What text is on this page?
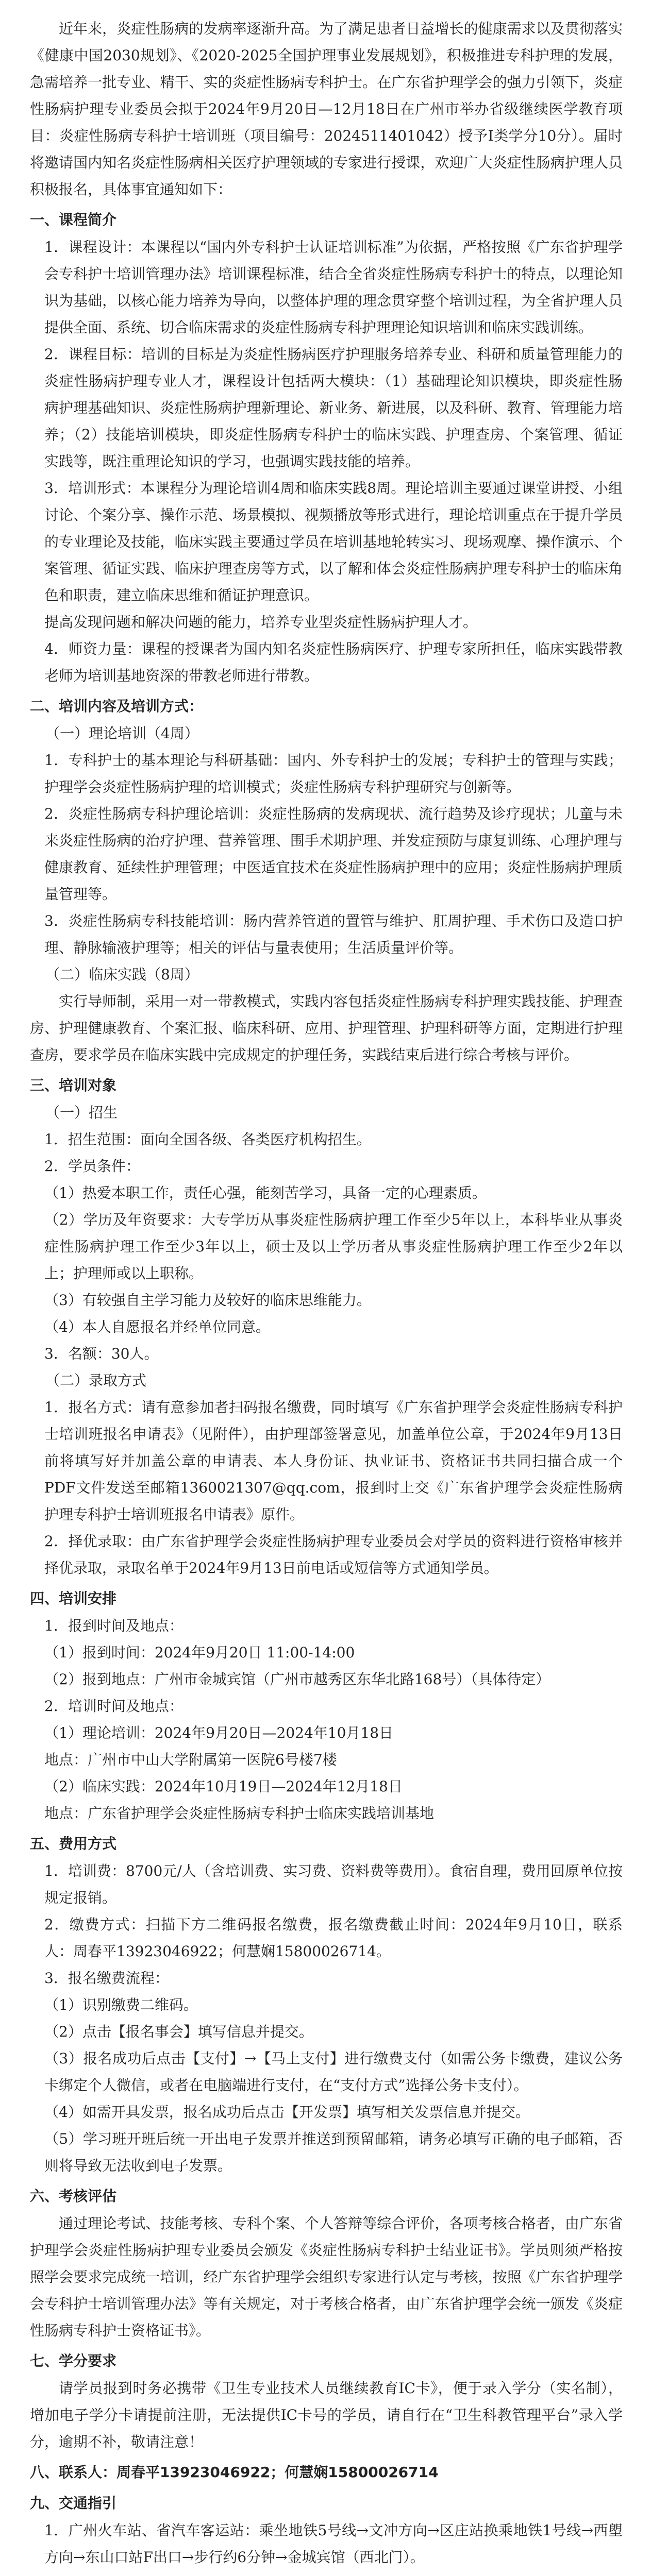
近年来，炎症性肠病的发病率逐渐升高。为了满足患者日益增长的健康需求以及贯彻落实《健康中国2030规划》、《2020-2025全国护理事业发展规划》，积极推进专科护理的发展，急需培养一批专业、精干、实的炎症性肠病专科护士。在广东省护理学会的强力引领下，炎症性肠病护理专业委员会拟于2024年9月20日—12月18日在广州市举办省级继续医学教育项目：炎症性肠病专科护士培训班（项目编号：2024511401042）授予Ⅰ类学分10分）。届时将邀请国内知名炎症性肠病相关医疗护理领域的专家进行授课，欢迎广大炎症性肠病护理人员积极报名，具体事宜通知如下：

一、课程简介

1．课程设计：本课程以“国内外专科护士认证培训标准”为依据，严格按照《广东省护理学会专科护士培训管理办法》培训课程标准，结合全省炎症性肠病专科护士的特点，以理论知识为基础，以核心能力培养为导向，以整体护理的理念贯穿整个培训过程，为全省护理人员提供全面、系统、切合临床需求的炎症性肠病专科护理理论知识培训和临床实践训练。

2．课程目标：培训的目标是为炎症性肠病医疗护理服务培养专业、科研和质量管理能力的炎症性肠病护理专业人才，课程设计包括两大模块：（1）基础理论知识模块，即炎症性肠病护理基础知识、炎症性肠病护理新理论、新业务、新进展，以及科研、教育、管理能力培养；（2）技能培训模块，即炎症性肠病专科护士的临床实践、护理查房、个案管理、循证实践等，既注重理论知识的学习，也强调实践技能的培养。

3．培训形式：本课程分为理论培训4周和临床实践8周。理论培训主要通过课堂讲授、小组讨论、个案分享、操作示范、场景模拟、视频播放等形式进行，理论培训重点在于提升学员的专业理论及技能，临床实践主要通过学员在培训基地轮转实习、现场观摩、操作演示、个案管理、循证实践、临床护理查房等方式，以了解和体会炎症性肠病护理专科护士的临床角色和职责，建立临床思维和循证护理意识。

提高发现问题和解决问题的能力，培养专业型炎症性肠病护理人才。

4．师资力量：课程的授课者为国内知名炎症性肠病医疗、护理专家所担任，临床实践带教老师为培训基地资深的带教老师进行带教。

二、培训内容及培训方式：

（一）理论培训（4周）

1．专科护士的基本理论与科研基础：国内、外专科护士的发展；专科护士的管理与实践；护理学会炎症性肠病护理的培训模式；炎症性肠病专科护理研究与创新等。

2．炎症性肠病专科护理论培训：炎症性肠病的发病现状、流行趋势及诊疗现状；儿童与未来炎症性肠病的治疗护理、营养管理、围手术期护理、并发症预防与康复训练、心理护理与健康教育、延续性护理管理；中医适宜技术在炎症性肠病护理中的应用；炎症性肠病护理质量管理等。

3．炎症性肠病专科技能培训：肠内营养管道的置管与维护、肛周护理、手术伤口及造口护理、静脉输液护理等；相关的评估与量表使用；生活质量评价等。

（二）临床实践（8周）

实行导师制，采用一对一带教模式，实践内容包括炎症性肠病专科护理实践技能、护理查房、护理健康教育、个案汇报、临床科研、应用、护理管理、护理科研等方面，定期进行护理查房，要求学员在临床实践中完成规定的护理任务，实践结束后进行综合考核与评价。

三、培训对象

（一）招生

1．招生范围：面向全国各级、各类医疗机构招生。

2．学员条件：

（1）热爱本职工作，责任心强，能刻苦学习，具备一定的心理素质。

（2）学历及年资要求：大专学历从事炎症性肠病护理工作至少5年以上，本科毕业从事炎症性肠病护理工作至少3年以上，硕士及以上学历者从事炎症性肠病护理工作至少2年以上；护理师或以上职称。

（3）有较强自主学习能力及较好的临床思维能力。

（4）本人自愿报名并经单位同意。

3．名额：30人。

（二）录取方式

1．报名方式：请有意参加者扫码报名缴费，同时填写《广东省护理学会炎症性肠病专科护士培训班报名申请表》（见附件），由护理部签署意见，加盖单位公章，于2024年9月13日前将填写好并加盖公章的申请表、本人身份证、执业证书、资格证书共同扫描合成一个PDF文件发送至邮箱1360021307@qq.com，报到时上交《广东省护理学会炎症性肠病护理专科护士培训班报名申请表》原件。

2．择优录取：由广东省护理学会炎症性肠病护理专业委员会对学员的资料进行资格审核并择优录取，录取名单于2024年9月13日前电话或短信等方式通知学员。

四、培训安排

1．报到时间及地点：

（1）报到时间：2024年9月20日 11:00-14:00

（2）报到地点：广州市金城宾馆（广州市越秀区东华北路168号）（具体待定）

2．培训时间及地点：

（1）理论培训：2024年9月20日—2024年10月18日

地点：广州市中山大学附属第一医院6号楼7楼

（2）临床实践：2024年10月19日—2024年12月18日

地点：广东省护理学会炎症性肠病专科护士临床实践培训基地

五、费用方式

1．培训费：8700元/人（含培训费、实习费、资料费等费用）。食宿自理，费用回原单位按规定报销。

2．缴费方式：扫描下方二维码报名缴费，报名缴费截止时间：2024年9月10日，联系人：周春平13923046922；何慧娴15800026714。

3．报名缴费流程：

（1）识别缴费二维码。

（2）点击【报名事会】填写信息并提交。

（3）报名成功后点击【支付】→【马上支付】进行缴费支付（如需公务卡缴费，建议公务卡绑定个人微信，或者在电脑端进行支付，在“支付方式”选择公务卡支付）。

（4）如需开具发票，报名成功后点击【开发票】填写相关发票信息并提交。

（5）学习班开班后统一开出电子发票并推送到预留邮箱，请务必填写正确的电子邮箱，否则将导致无法收到电子发票。

六、考核评估

通过理论考试、技能考核、专科个案、个人答辩等综合评价，各项考核合格者，由广东省护理学会炎症性肠病护理专业委员会颁发《炎症性肠病专科护士结业证书》。学员则须严格按照学会要求完成统一培训，经广东省护理学会组织专家进行认定与考核，按照《广东省护理学会专科护士培训管理办法》等有关规定，对于考核合格者，由广东省护理学会统一颁发《炎症性肠病专科护士资格证书》。

七、学分要求

请学员报到时务必携带《卫生专业技术人员继续教育IC卡》，便于录入学分（实名制），增加电子学分卡请提前注册，无法提供IC卡号的学员，请自行在“卫生科教管理平台”录入学分，逾期不补，敬请注意！

八、联系人：周春平13923046922；何慧娴15800026714
九、交通指引

1．广州火车站、省汽车客运站：乘坐地铁5号线→文冲方向→区庄站换乘地铁1号线→西塱方向→东山口站F出口→步行约6分钟→金城宾馆（西北门）。
